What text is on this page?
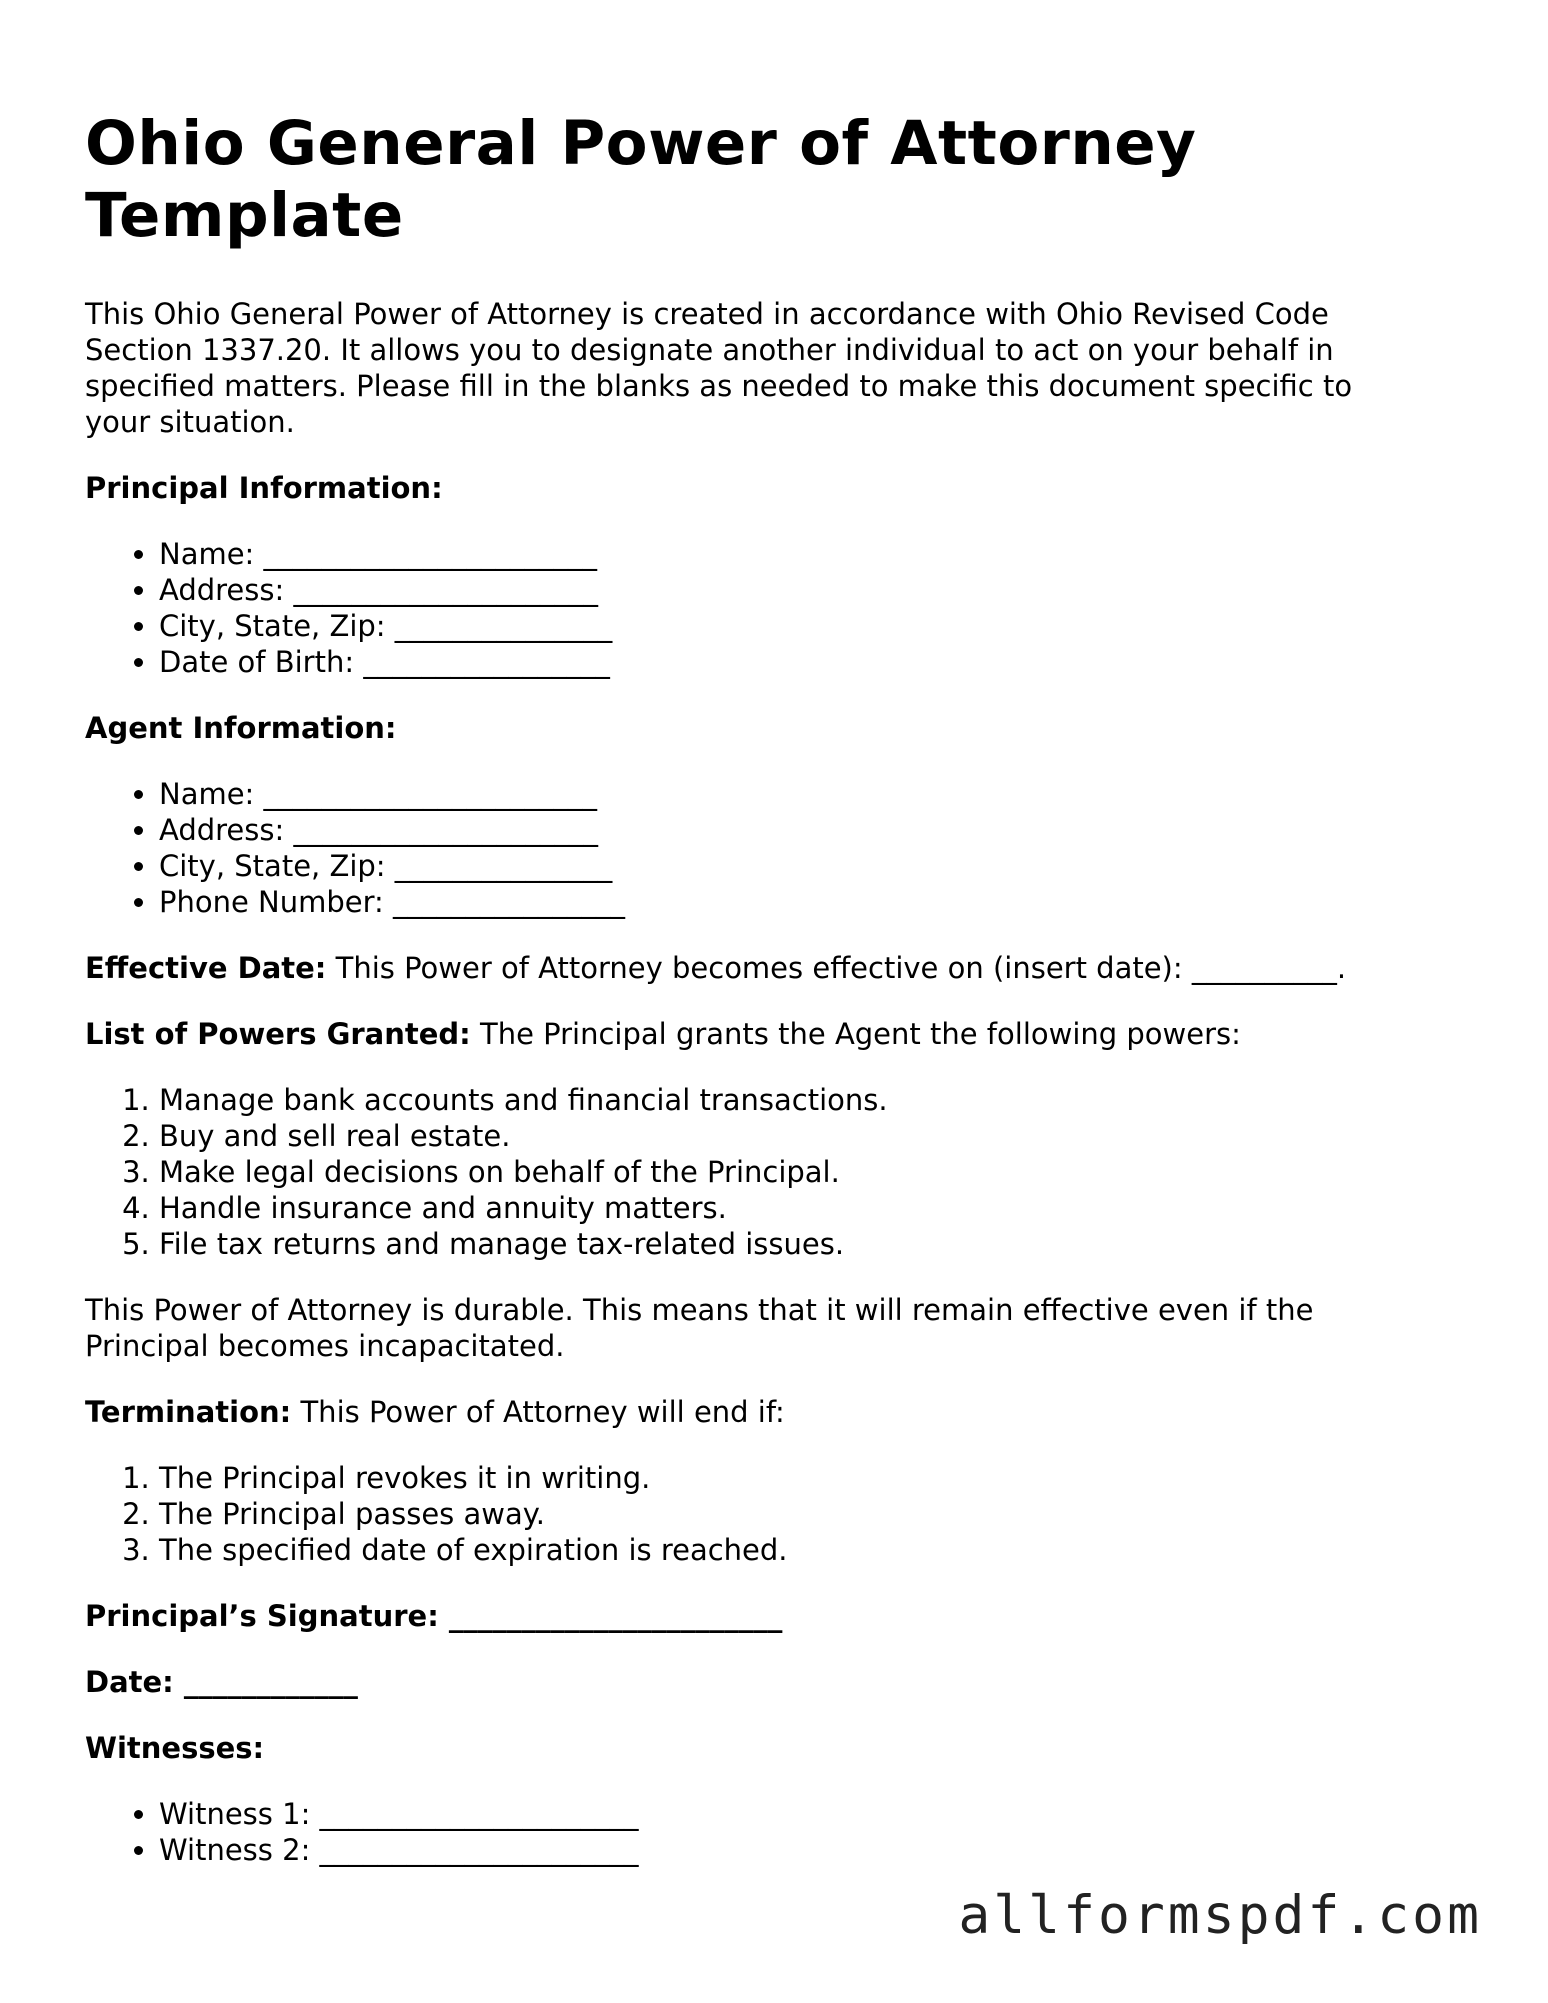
Ohio General Power of Attorney Template

This Ohio General Power of Attorney is created in accordance with Ohio Revised Code Section 1337.20. It allows you to designate another individual to act on your behalf in specified matters. Please fill in the blanks as needed to make this document specific to your situation.

Principal Information:

• Name: _______________________
• Address: _____________________
• City, State, Zip: _______________
• Date of Birth: _________________

Agent Information:

• Name: _______________________
• Address: _____________________
• City, State, Zip: _______________
• Phone Number: ________________

Effective Date: This Power of Attorney becomes effective on (insert date): __________.

List of Powers Granted: The Principal grants the Agent the following powers:

1. Manage bank accounts and financial transactions.
2. Buy and sell real estate.
3. Make legal decisions on behalf of the Principal.
4. Handle insurance and annuity matters.
5. File tax returns and manage tax-related issues.

This Power of Attorney is durable. This means that it will remain effective even if the Principal becomes incapacitated.

Termination: This Power of Attorney will end if:

1. The Principal revokes it in writing.
2. The Principal passes away.
3. The specified date of expiration is reached.

Principal’s Signature: _______________________

Date: ____________

Witnesses:

• Witness 1: ______________________
• Witness 2: ______________________
allformspdf.com
